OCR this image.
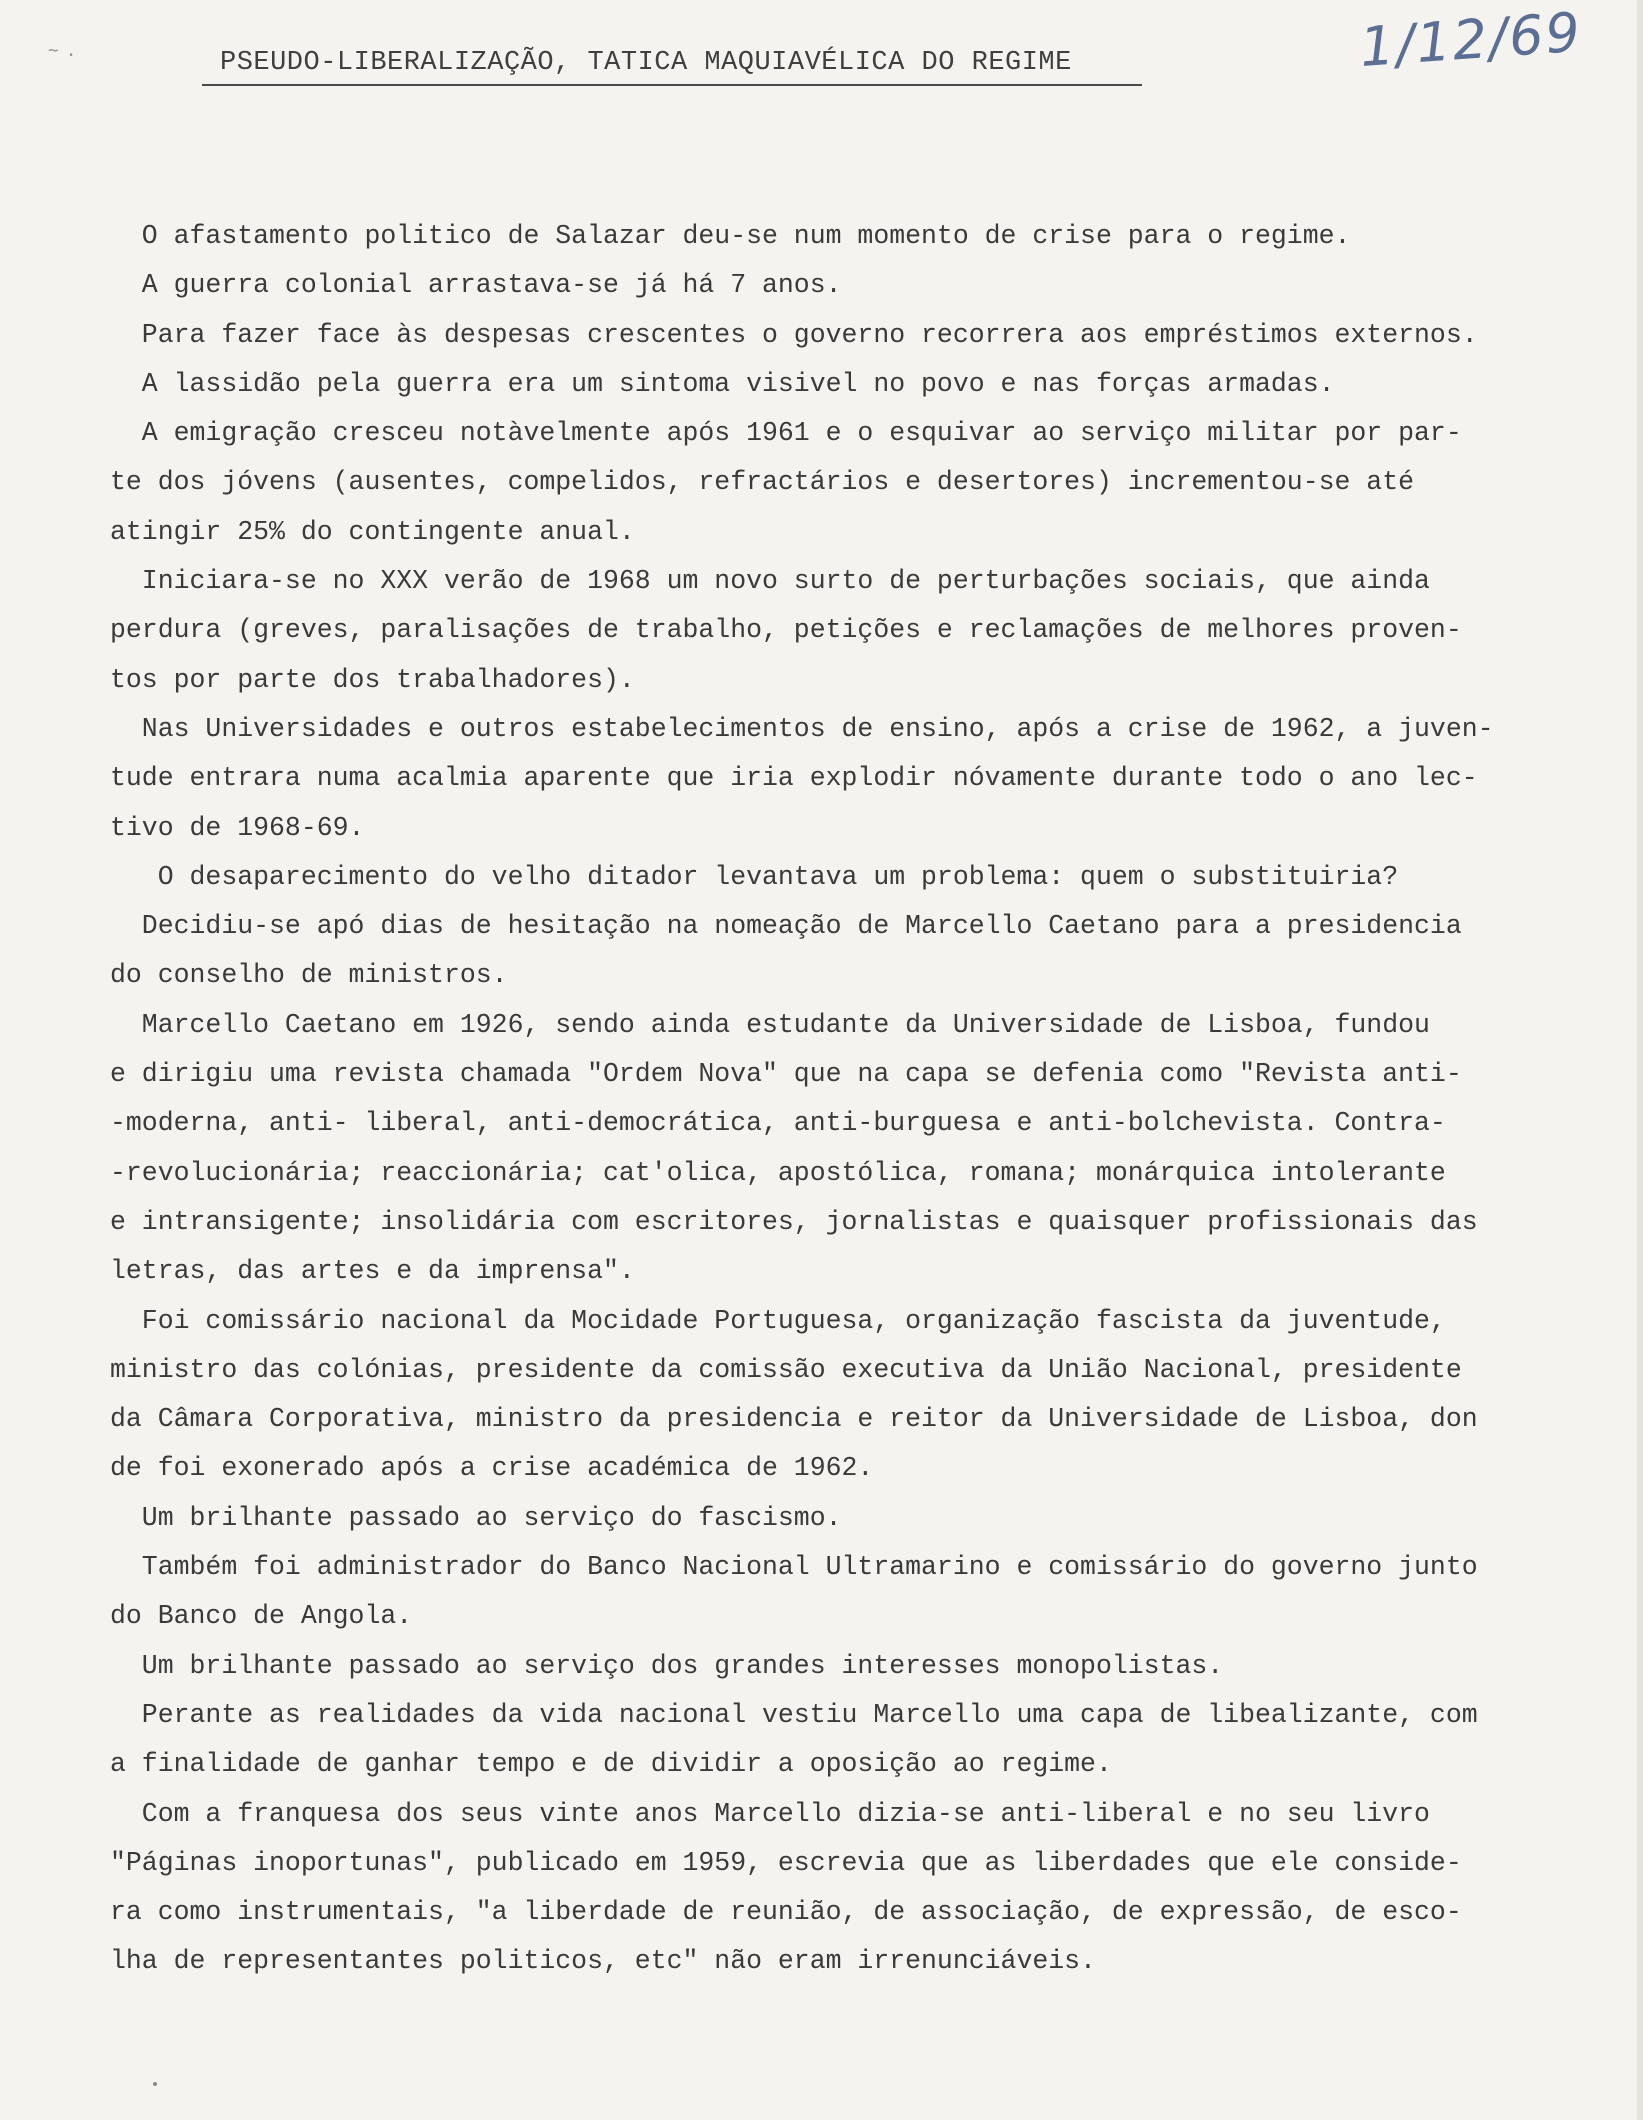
~ .	PSEUDO-LIBERALIZAÇÃO, TATICA MAQUIAVÉLICA DO REGIME	1/12/69
O afastamento politico de Salazar deu-se num momento de crise para o regime.
A guerra colonial arrastava-se já há 7 anos.
Para fazer face às despesas crescentes o governo recorrera aos empréstimos externos.
A lassidão pela guerra era um sintoma visivel no povo e nas forças armadas.
A emigração cresceu notàvelmente após 1961 e o esquivar ao serviço militar por par-
te dos jóvens (ausentes, compelidos, refractários e desertores) incrementou-se até
atingir 25% do contingente anual.
Iniciara-se no XXX verão de 1968 um novo surto de perturbações sociais, que ainda
perdura (greves, paralisações de trabalho, petições e reclamações de melhores proven-
tos por parte dos trabalhadores).
Nas Universidades e outros estabelecimentos de ensino, após a crise de 1962, a juven-
tude entrara numa acalmia aparente que iria explodir nóvamente durante todo o ano lec-
tivo de 1968-69.
O desaparecimento do velho ditador levantava um problema: quem o substituiria?
Decidiu-se apó dias de hesitação na nomeação de Marcello Caetano para a presidencia
do conselho de ministros.
Marcello Caetano em 1926, sendo ainda estudante da Universidade de Lisboa, fundou
e dirigiu uma revista chamada "Ordem Nova" que na capa se defenia como "Revista anti-
-moderna, anti- liberal, anti-democrática, anti-burguesa e anti-bolchevista. Contra-
-revolucionária; reaccionária; cat'olica, apostólica, romana; monárquica intolerante
e intransigente; insolidária com escritores, jornalistas e quaisquer profissionais das
letras, das artes e da imprensa".
Foi comissário nacional da Mocidade Portuguesa, organização fascista da juventude,
ministro das colónias, presidente da comissão executiva da União Nacional, presidente
da Câmara Corporativa, ministro da presidencia e reitor da Universidade de Lisboa, don
de foi exonerado após a crise académica de 1962.
Um brilhante passado ao serviço do fascismo.
Também foi administrador do Banco Nacional Ultramarino e comissário do governo junto
do Banco de Angola.
Um brilhante passado ao serviço dos grandes interesses monopolistas.
Perante as realidades da vida nacional vestiu Marcello uma capa de libealizante, com
a finalidade de ganhar tempo e de dividir a oposição ao regime.
Com a franquesa dos seus vinte anos Marcello dizia-se anti-liberal e no seu livro
"Páginas inoportunas", publicado em 1959, escrevia que as liberdades que ele conside-
ra como instrumentais, "a liberdade de reunião, de associação, de expressão, de esco-
lha de representantes politicos, etc" não eram irrenunciáveis.
